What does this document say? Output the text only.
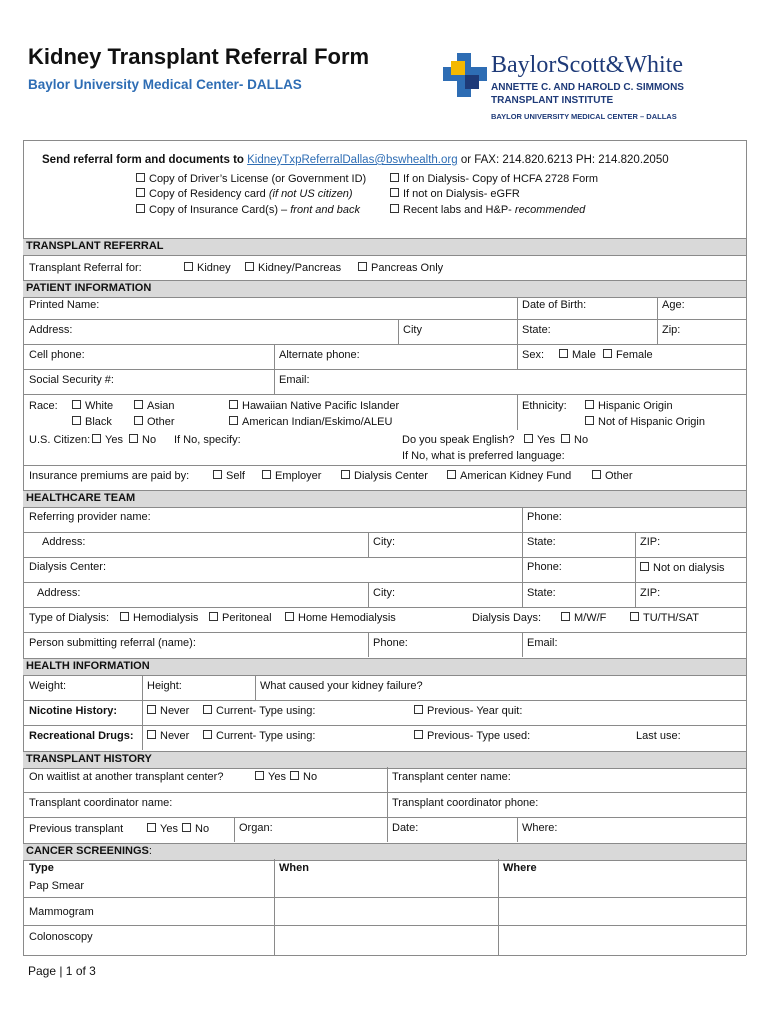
Kidney Transplant Referral Form
Baylor University Medical Center- DALLAS
BaylorScott&White
ANNETTE C. AND HAROLD C. SIMMONS
TRANSPLANT INSTITUTE
BAYLOR UNIVERSITY MEDICAL CENTER – DALLAS
Send referral form and documents to KidneyTxpReferralDallas@bswhealth.org or FAX: 214.820.6213 PH: 214.820.2050
Copy of Driver’s License (or Government ID)
Copy of Residency card (if not US citizen)
Copy of Insurance Card(s) – front and back
If on Dialysis- Copy of HCFA 2728 Form
If not on Dialysis- eGFR
Recent labs and H&P- recommended
TRANSPLANT REFERRAL
Transplant Referral for:	Kidney	Kidney/Pancreas	Pancreas Only
PATIENT INFORMATION
Printed Name:	Date of Birth:	Age:
Address:	City	State:	Zip:
Cell phone:	Alternate phone:	Sex:	Male	Female
Social Security #:	Email:
Race:	White	Asian
Black	Other
Hawaiian Native Pacific Islander
American Indian/Eskimo/ALEU
Ethnicity:	Hispanic Origin
Not of Hispanic Origin
U.S. Citizen:	Yes	No If No, specify:	Do you speak English?	Yes	No
If No, what is preferred language:
Insurance premiums are paid by:	Self	Employer	Dialysis Center	American Kidney Fund	Other
HEALTHCARE TEAM
Referring provider name:	Phone:
Address:	City:	State:	ZIP:
Dialysis Center:	Phone:	Not on dialysis
Address:	City:	State:	ZIP:
Type of Dialysis:	Hemodialysis	Peritoneal	Home Hemodialysis	Dialysis Days:	M/W/F	TU/TH/SAT
Person submitting referral (name):	Phone:	Email:
HEALTH INFORMATION
Weight:	Height:	What caused your kidney failure?
Nicotine History:	Never	Current- Type using:	Previous- Year quit:
Recreational Drugs:	Never	Current- Type using:	Previous- Type used:	Last use:
TRANSPLANT HISTORY
On waitlist at another transplant center?	Yes	No	Transplant center name:
Transplant coordinator name:	Transplant coordinator phone:
Previous transplant	Yes	No	Organ:	Date:	Where:
CANCER SCREENINGS:
Type	When	Where
Pap Smear
Mammogram
Colonoscopy
Page | 1 of 3
